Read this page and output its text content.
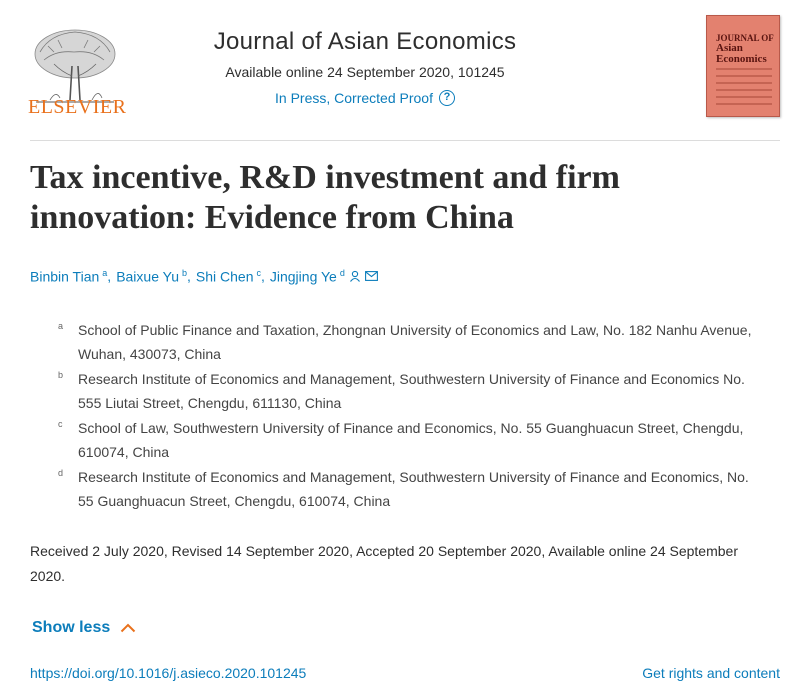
ELSEVIER
Journal of Asian Economics
Available online 24 September 2020, 101245
In Press, Corrected Proof ?
JOURNAL OF
Asian
Economics
Tax incentive, R&D investment and firm
innovation: Evidence from China
Binbin Tian $^a$ , Baixue Yu $^b$ , Shi Chen $^c$ , Jingjing Ye $^d$
a	School of Public Finance and Taxation, Zhongnan University of Economics and Law, No. 182 Nanhu Avenue, Wuhan, 430073, China
b	Research Institute of Economics and Management, Southwestern University of Finance and Economics No. 555 Liutai Street, Chengdu, 611130, China
c	School of Law, Southwestern University of Finance and Economics, No. 55 Guanghuacun Street, Chengdu, 610074, China
d	Research Institute of Economics and Management, Southwestern University of Finance and Economics, No. 55 Guanghuacun Street, Chengdu, 610074, China
Received 2 July 2020, Revised 14 September 2020, Accepted 20 September 2020, Available online 24 September 2020.
Show less
https://doi.org/10.1016/j.asieco.2020.101245	Get rights and content
